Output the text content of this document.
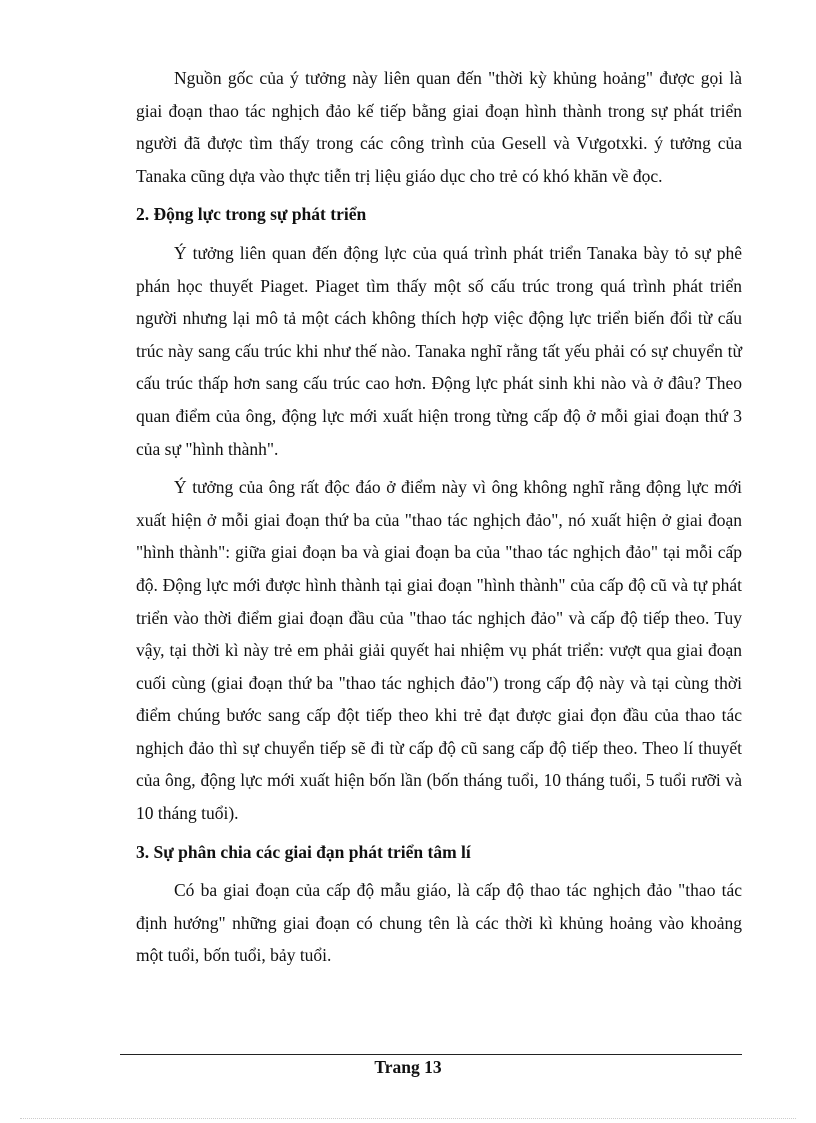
Nguồn gốc của ý tưởng này liên quan đến "thời kỳ khủng hoảng" được gọi là giai đoạn thao tác nghịch đảo kế tiếp bằng giai đoạn hình thành trong sự phát triển người đã được tìm thấy trong các công trình của Gesell và Vưgotxki. ý tưởng của Tanaka cũng dựa vào thực tiễn trị liệu giáo dục cho trẻ có khó khăn về đọc.

2. Động lực trong sự phát triển

Ý tưởng liên quan đến động lực của quá trình phát triển Tanaka bày tỏ sự phê phán học thuyết Piaget. Piaget tìm thấy một số cấu trúc trong quá trình phát triển người nhưng lại mô tả một cách không thích hợp việc động lực triển biến đổi từ cấu trúc này sang cấu trúc khi như thế nào. Tanaka nghĩ rằng tất yếu phải có sự chuyển từ cấu trúc thấp hơn sang cấu trúc cao hơn. Động lực phát sinh khi nào và ở đâu? Theo quan điểm của ông, động lực mới xuất hiện trong từng cấp độ ở mỗi giai đoạn thứ 3 của sự "hình thành".

Ý tưởng của ông rất độc đáo ở điểm này vì ông không nghĩ rằng động lực mới xuất hiện ở mỗi giai đoạn thứ ba của "thao tác nghịch đảo", nó xuất hiện ở giai đoạn "hình thành": giữa giai đoạn ba và giai đoạn ba của "thao tác nghịch đảo" tại mỗi cấp độ. Động lực mới được hình thành tại giai đoạn "hình thành" của cấp độ cũ và tự phát triển vào thời điểm giai đoạn đầu của "thao tác nghịch đảo" và cấp độ tiếp theo. Tuy vậy, tại thời kì này trẻ em phải giải quyết hai nhiệm vụ phát triển: vượt qua giai đoạn cuối cùng (giai đoạn thứ ba "thao tác nghịch đảo") trong cấp độ này và tại cùng thời điểm chúng bước sang cấp đột tiếp theo khi trẻ đạt được giai đọn đầu của thao tác nghịch đảo thì sự chuyển tiếp sẽ đi từ cấp độ cũ sang cấp độ tiếp theo. Theo lí thuyết của ông, động lực mới xuất hiện bốn lần (bốn tháng tuổi, 10 tháng tuổi, 5 tuổi rưỡi và 10 tháng tuổi).

3. Sự phân chia các giai đạn phát triển tâm lí

Có ba giai đoạn của cấp độ mẫu giáo, là cấp độ thao tác nghịch đảo "thao tác định hướng" những giai đoạn có chung tên là các thời kì khủng hoảng vào khoảng một tuổi, bốn tuổi, bảy tuổi.

Trang 13
